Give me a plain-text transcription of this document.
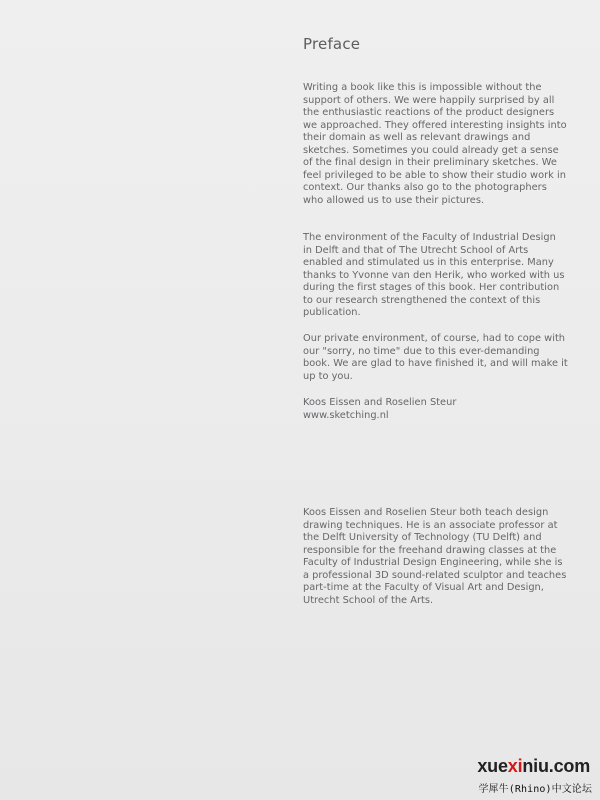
Preface

Writing a book like this is impossible without the support of others. We were happily surprised by all the enthusiastic reactions of the product designers we approached. They offered interesting insights into their domain as well as relevant drawings and sketches. Sometimes you could already get a sense of the final design in their preliminary sketches. We feel privileged to be able to show their studio work in context. Our thanks also go to the photographers who allowed us to use their pictures.

The environment of the Faculty of Industrial Design in Delft and that of The Utrecht School of Arts enabled and stimulated us in this enterprise. Many thanks to Yvonne van den Herik, who worked with us during the first stages of this book. Her contribution to our research strengthened the context of this publication.

Our private environment, of course, had to cope with our "sorry, no time" due to this ever-demanding book. We are glad to have finished it, and will make it up to you.

Koos Eissen and Roselien Steur
www.sketching.nl

Koos Eissen and Roselien Steur both teach design drawing techniques. He is an associate professor at the Delft University of Technology (TU Delft) and responsible for the freehand drawing classes at the Faculty of Industrial Design Engineering, while she is a professional 3D sound-related sculptor and teaches part-time at the Faculty of Visual Art and Design, Utrecht School of the Arts.

xuexiniu.com
学犀牛(Rhino)中文论坛
